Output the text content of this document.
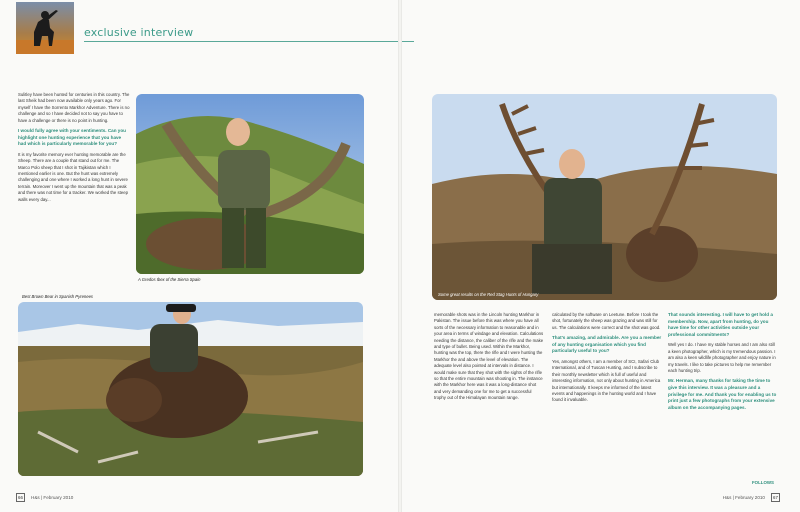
exclusive interview

Sulitley have been hunted for centuries in this country. The last Sheik had been now available only years ago. For myself I have the Sorrento Markhor Adventure. There is no challenge and so I have decided not to say you have to have a challenge or there is no point in hunting.

I would fully agree with your sentiments. Can you highlight one hunting experience that you have had which is particularly memorable for you?

It is my favorite memory ever hunting memorable are the Sheep. There are a couple that stand out for me. The Marco Polo sheep that I shot in Tajikistan which I mentioned earlier is one. But the hunt was extremely challenging and one where I worked a long hunt in severe terrain. Moreover I went up the mountain that was a peak and there was not time for a tracker. We worked the steep walls every day...

A Gredos Ibex of the Sierra Spain
Best Brown Bear in Spanish Pyrenees	Some great results on the Red Stag Hunts of Hungary

memorable shots was in the Lincoln hunting Markhor in Pakistan. The issue before this was where you have all sorts of the necessary information to reasonable and in your area in terms of windage and elevation. Calculations needing the distance, the caliber of the rifle and the make and type of bullet. Being used. Within the Markhor, hunting was the top, there the rifle and I were hunting the Markhor the and above the level of elevation. The adequate level also pointed at intervals in distance. I would make sure that they shot with the sights of the rifle so that the entire mountain was shooting in. The instance with the Markhor here was it was a long-distance shot and very demanding one for me to get a successful trophy out of the Himalayan mountain range.

calculated by the software on Leetune. Before I took the shot, fortunately the sheep was grazing and was still for us. The calculations were correct and the shot was good.

That's amazing, and admirable. Are you a member of any hunting organisation which you find particularly useful to you?

Yes, amongst others, I am a member of SCI, Safari Club International, and of Tuscan Hunting, and I subscribe to their monthly newsletter which is full of useful and interesting information, not only about hunting in America but internationally. It keeps me informed of the latest events and happenings in the hunting world and I have found it invaluable.

That sounds interesting. I will have to get hold a membership. Now, apart from hunting, do you have time for other activities outside your professional commitments?

Well yes I do. I have my stable horses and I am also still a keen photographer, which is my tremendous passion. I am also a keen wildlife photographer and enjoy nature in my travels. I like to take pictures to help me remember each hunting trip.

Mr. Herman, many thanks for taking the time to give this interview. It was a pleasure and a privilege for me. And thank you for enabling us to print just a few photographs from your extensive album on the accompanying pages.

FOLLOWS
66	H&s | February 2010	H&s | February 2010	67
